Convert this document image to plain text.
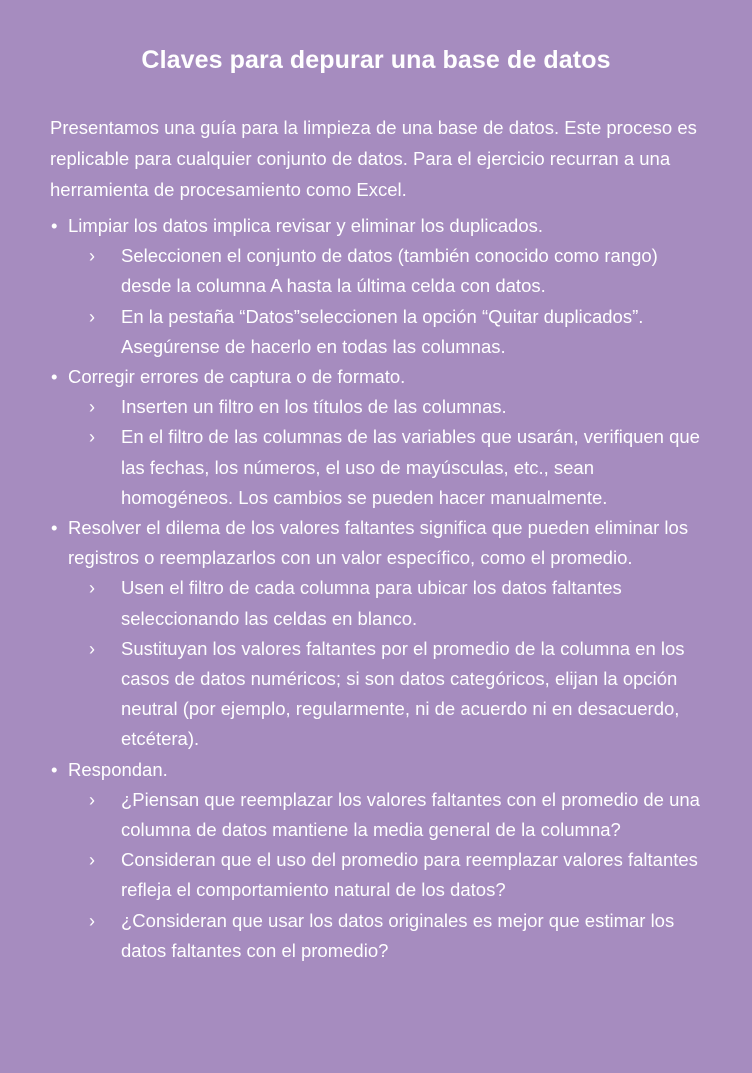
Claves para depurar una base de datos

Presentamos una guía para la limpieza de una base de datos. Este proceso es replicable para cualquier conjunto de datos. Para el ejercicio recurran a una herramienta de procesamiento como Excel.

• Limpiar los datos implica revisar y eliminar los duplicados.
›	Seleccionen el conjunto de datos (también conocido como rango) desde la columna A hasta la última celda con datos.
›	En la pestaña “Datos”seleccionen la opción “Quitar duplicados”. Asegúrense de hacerlo en todas las columnas.
• Corregir errores de captura o de formato.
›	Inserten un filtro en los títulos de las columnas.
›	En el filtro de las columnas de las variables que usarán, verifiquen que las fechas, los números, el uso de mayúsculas, etc., sean homogéneos. Los cambios se pueden hacer manualmente.
• Resolver el dilema de los valores faltantes significa que pueden eliminar los registros o reemplazarlos con un valor específico, como el promedio.
›	Usen el filtro de cada columna para ubicar los datos faltantes seleccionando las celdas en blanco.
›	Sustituyan los valores faltantes por el promedio de la columna en los casos de datos numéricos; si son datos categóricos, elijan la opción neutral (por ejemplo, regularmente, ni de acuerdo ni en desacuerdo, etcétera).
• Respondan.
›	¿Piensan que reemplazar los valores faltantes con el promedio de una columna de datos mantiene la media general de la columna?
›	Consideran que el uso del promedio para reemplazar valores faltantes refleja el comportamiento natural de los datos?
›	¿Consideran que usar los datos originales es mejor que estimar los datos faltantes con el promedio?
